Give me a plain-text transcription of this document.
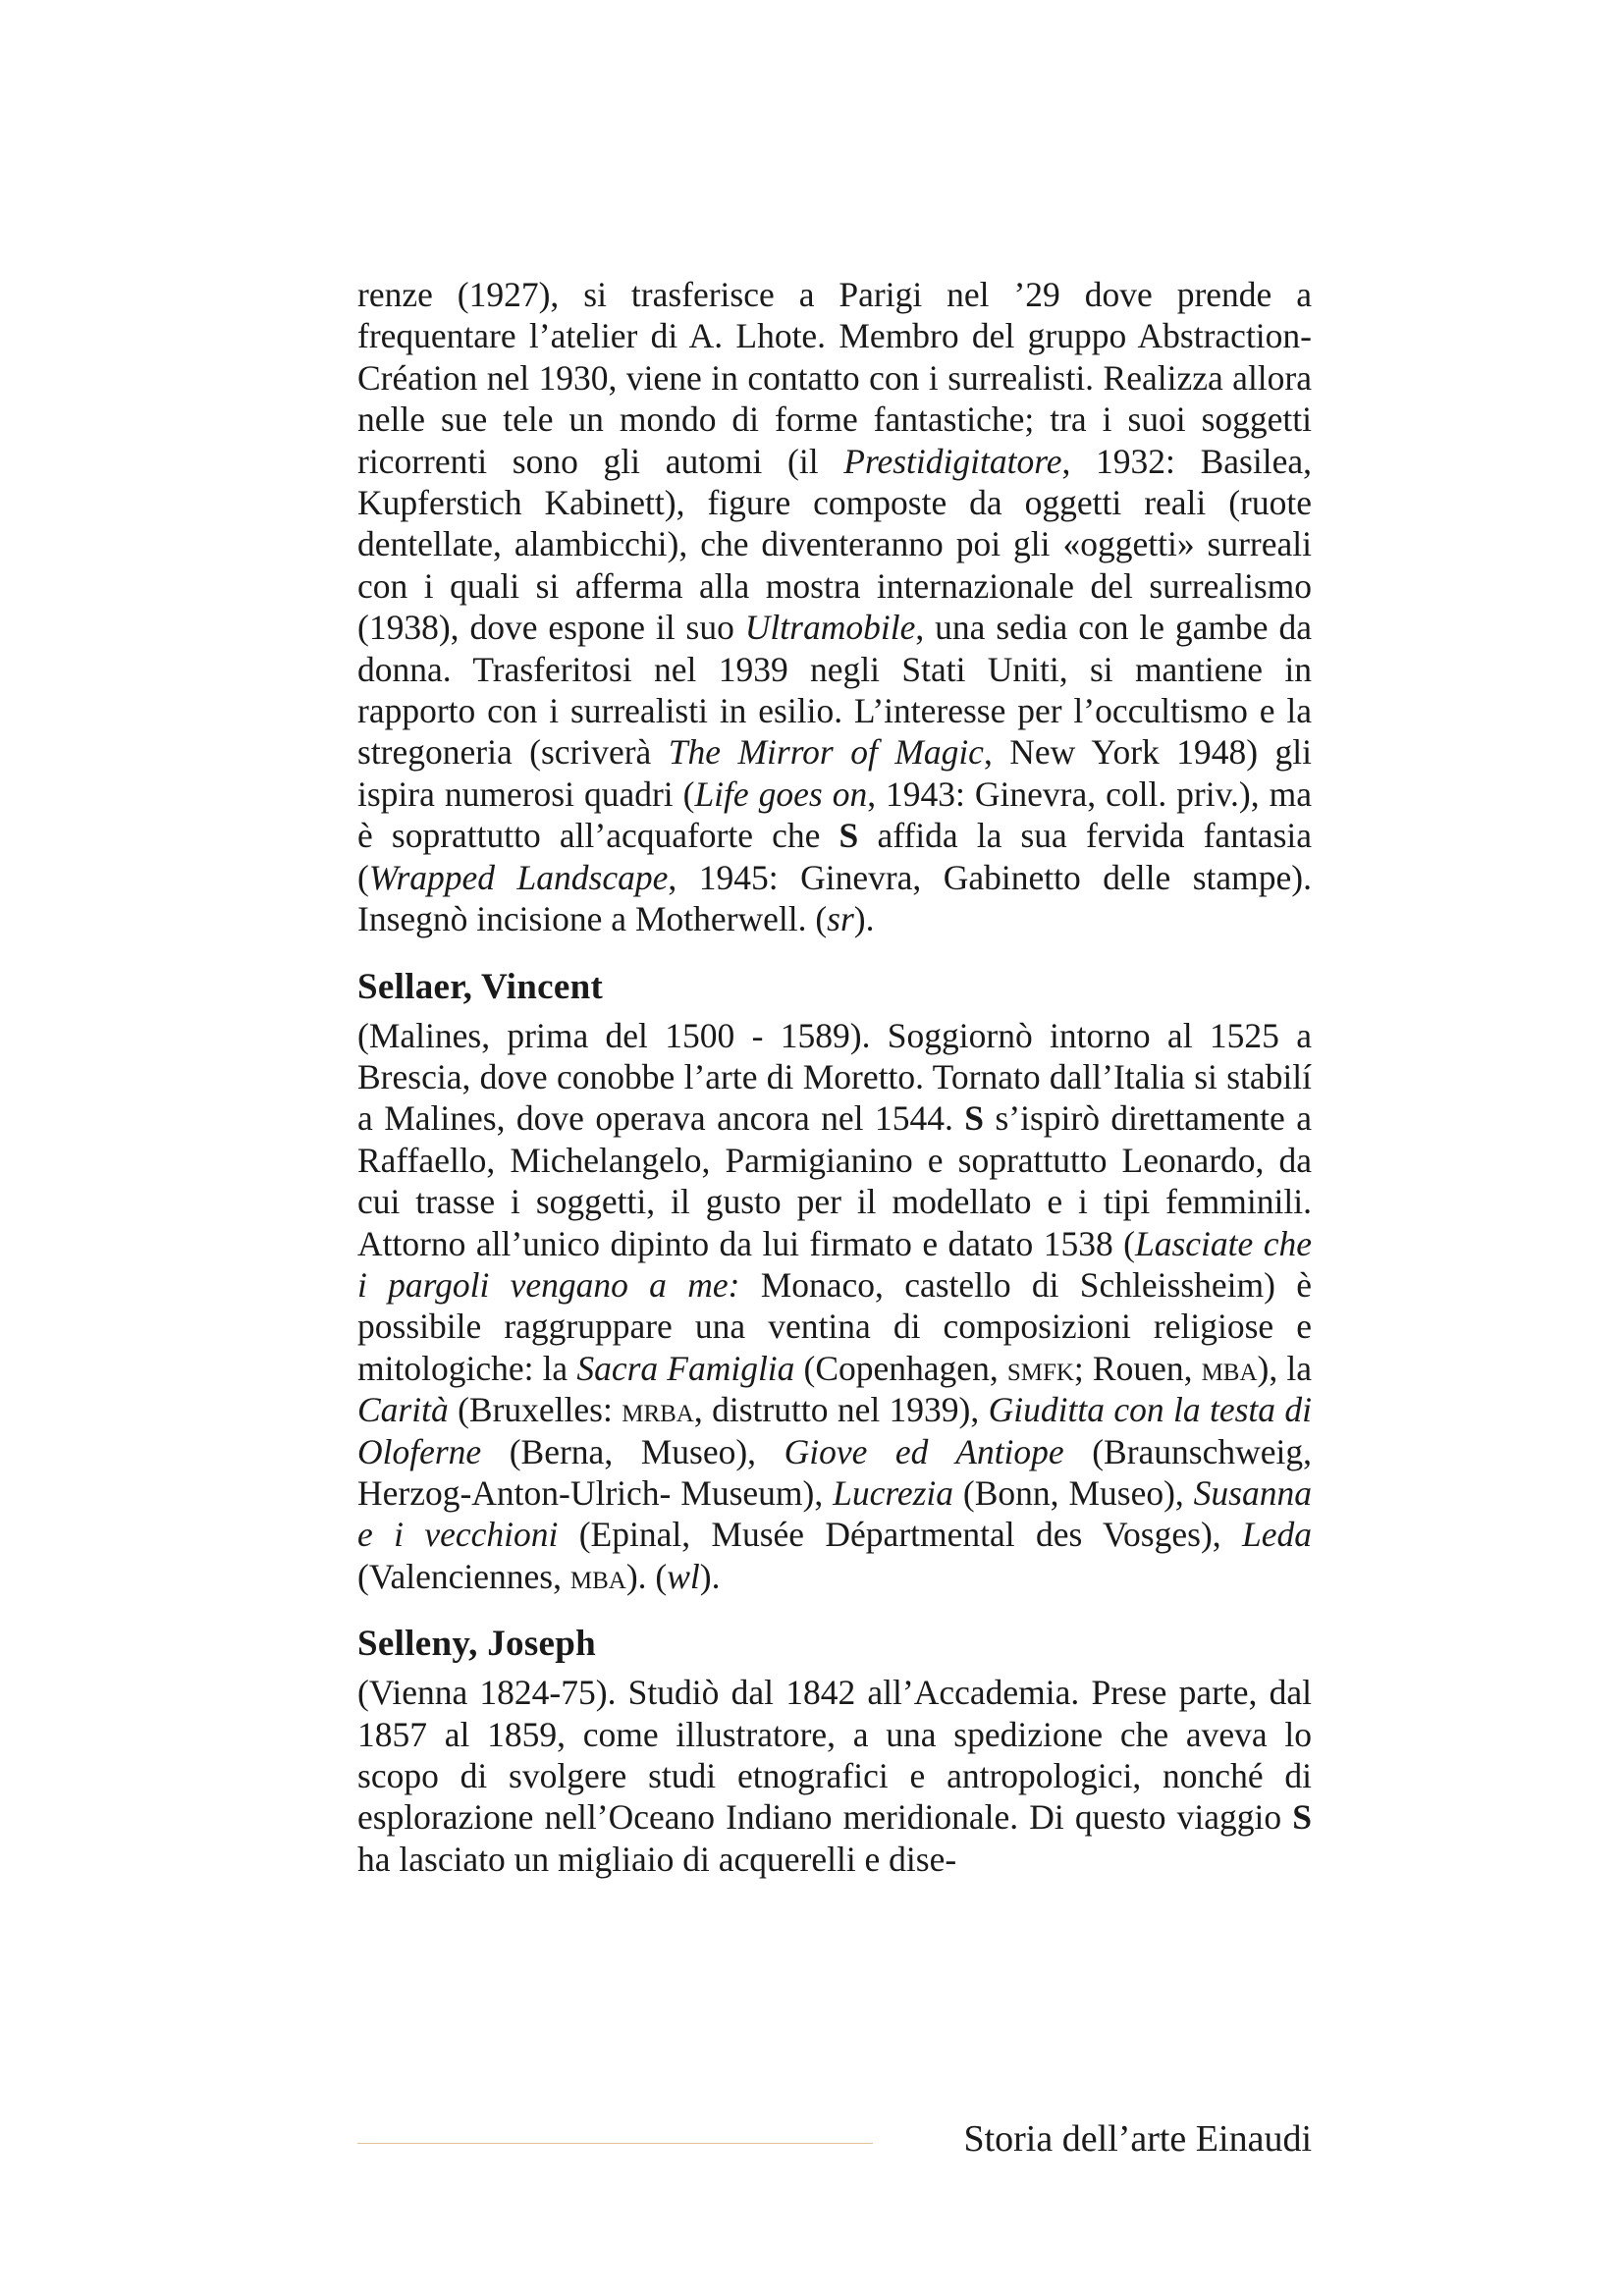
renze (1927), si trasferisce a Parigi nel ’29 dove prende a frequentare l’atelier di A. Lhote. Membro del gruppo Abstraction-Création nel 1930, viene in contatto con i surrealisti. Realizza allora nelle sue tele un mondo di forme fantastiche; tra i suoi soggetti ricorrenti sono gli automi (il Prestidigitatore, 1932: Basilea, Kupferstich Kabinett), figure composte da oggetti reali (ruote dentellate, alambicchi), che diventeranno poi gli «oggetti» surreali con i quali si afferma alla mostra internazionale del surrealismo (1938), dove espone il suo Ultramobile, una sedia con le gambe da donna. Trasferitosi nel 1939 negli Stati Uniti, si mantiene in rapporto con i surrealisti in esilio. L’interesse per l’occultismo e la stregoneria (scriverà The Mirror of Magic, New York 1948) gli ispira numerosi quadri (Life goes on, 1943: Ginevra, coll. priv.), ma è soprattutto all’acquaforte che S affida la sua fervida fantasia (Wrapped Landscape, 1945: Ginevra, Gabinetto delle stampe). Insegnò incisione a Motherwell. (sr).

Sellaer, Vincent

(Malines, prima del 1500 - 1589). Soggiornò intorno al 1525 a Brescia, dove conobbe l’arte di Moretto. Tornato dall’Italia si stabilí a Malines, dove operava ancora nel 1544. S s’ispirò direttamente a Raffaello, Michelangelo, Parmigianino e soprattutto Leonardo, da cui trasse i soggetti, il gusto per il modellato e i tipi femminili. Attorno all’unico dipinto da lui firmato e datato 1538 (Lasciate che i pargoli vengano a me: Monaco, castello di Schleissheim) è possibile raggruppare una ventina di composizioni religiose e mitologiche: la Sacra Famiglia (Copenhagen, smfk; Rouen, mba), la Carità (Bruxelles: mrba, distrutto nel 1939), Giuditta con la testa di Oloferne (Berna, Museo), Giove ed Antiope (Braunschweig, Herzog-Anton-Ulrich- Museum), Lucrezia (Bonn, Museo), Susanna e i vecchioni (Epinal, Musée Départmental des Vosges), Leda (Valenciennes, mba). (wl).

Selleny, Joseph

(Vienna 1824-75). Studiò dal 1842 all’Accademia. Prese parte, dal 1857 al 1859, come illustratore, a una spedizione che aveva lo scopo di svolgere studi etnografici e antropologici, nonché di esplorazione nell’Oceano Indiano meridionale. Di questo viaggio S ha lasciato un migliaio di acquerelli e dise-

Storia dell’arte Einaudi
